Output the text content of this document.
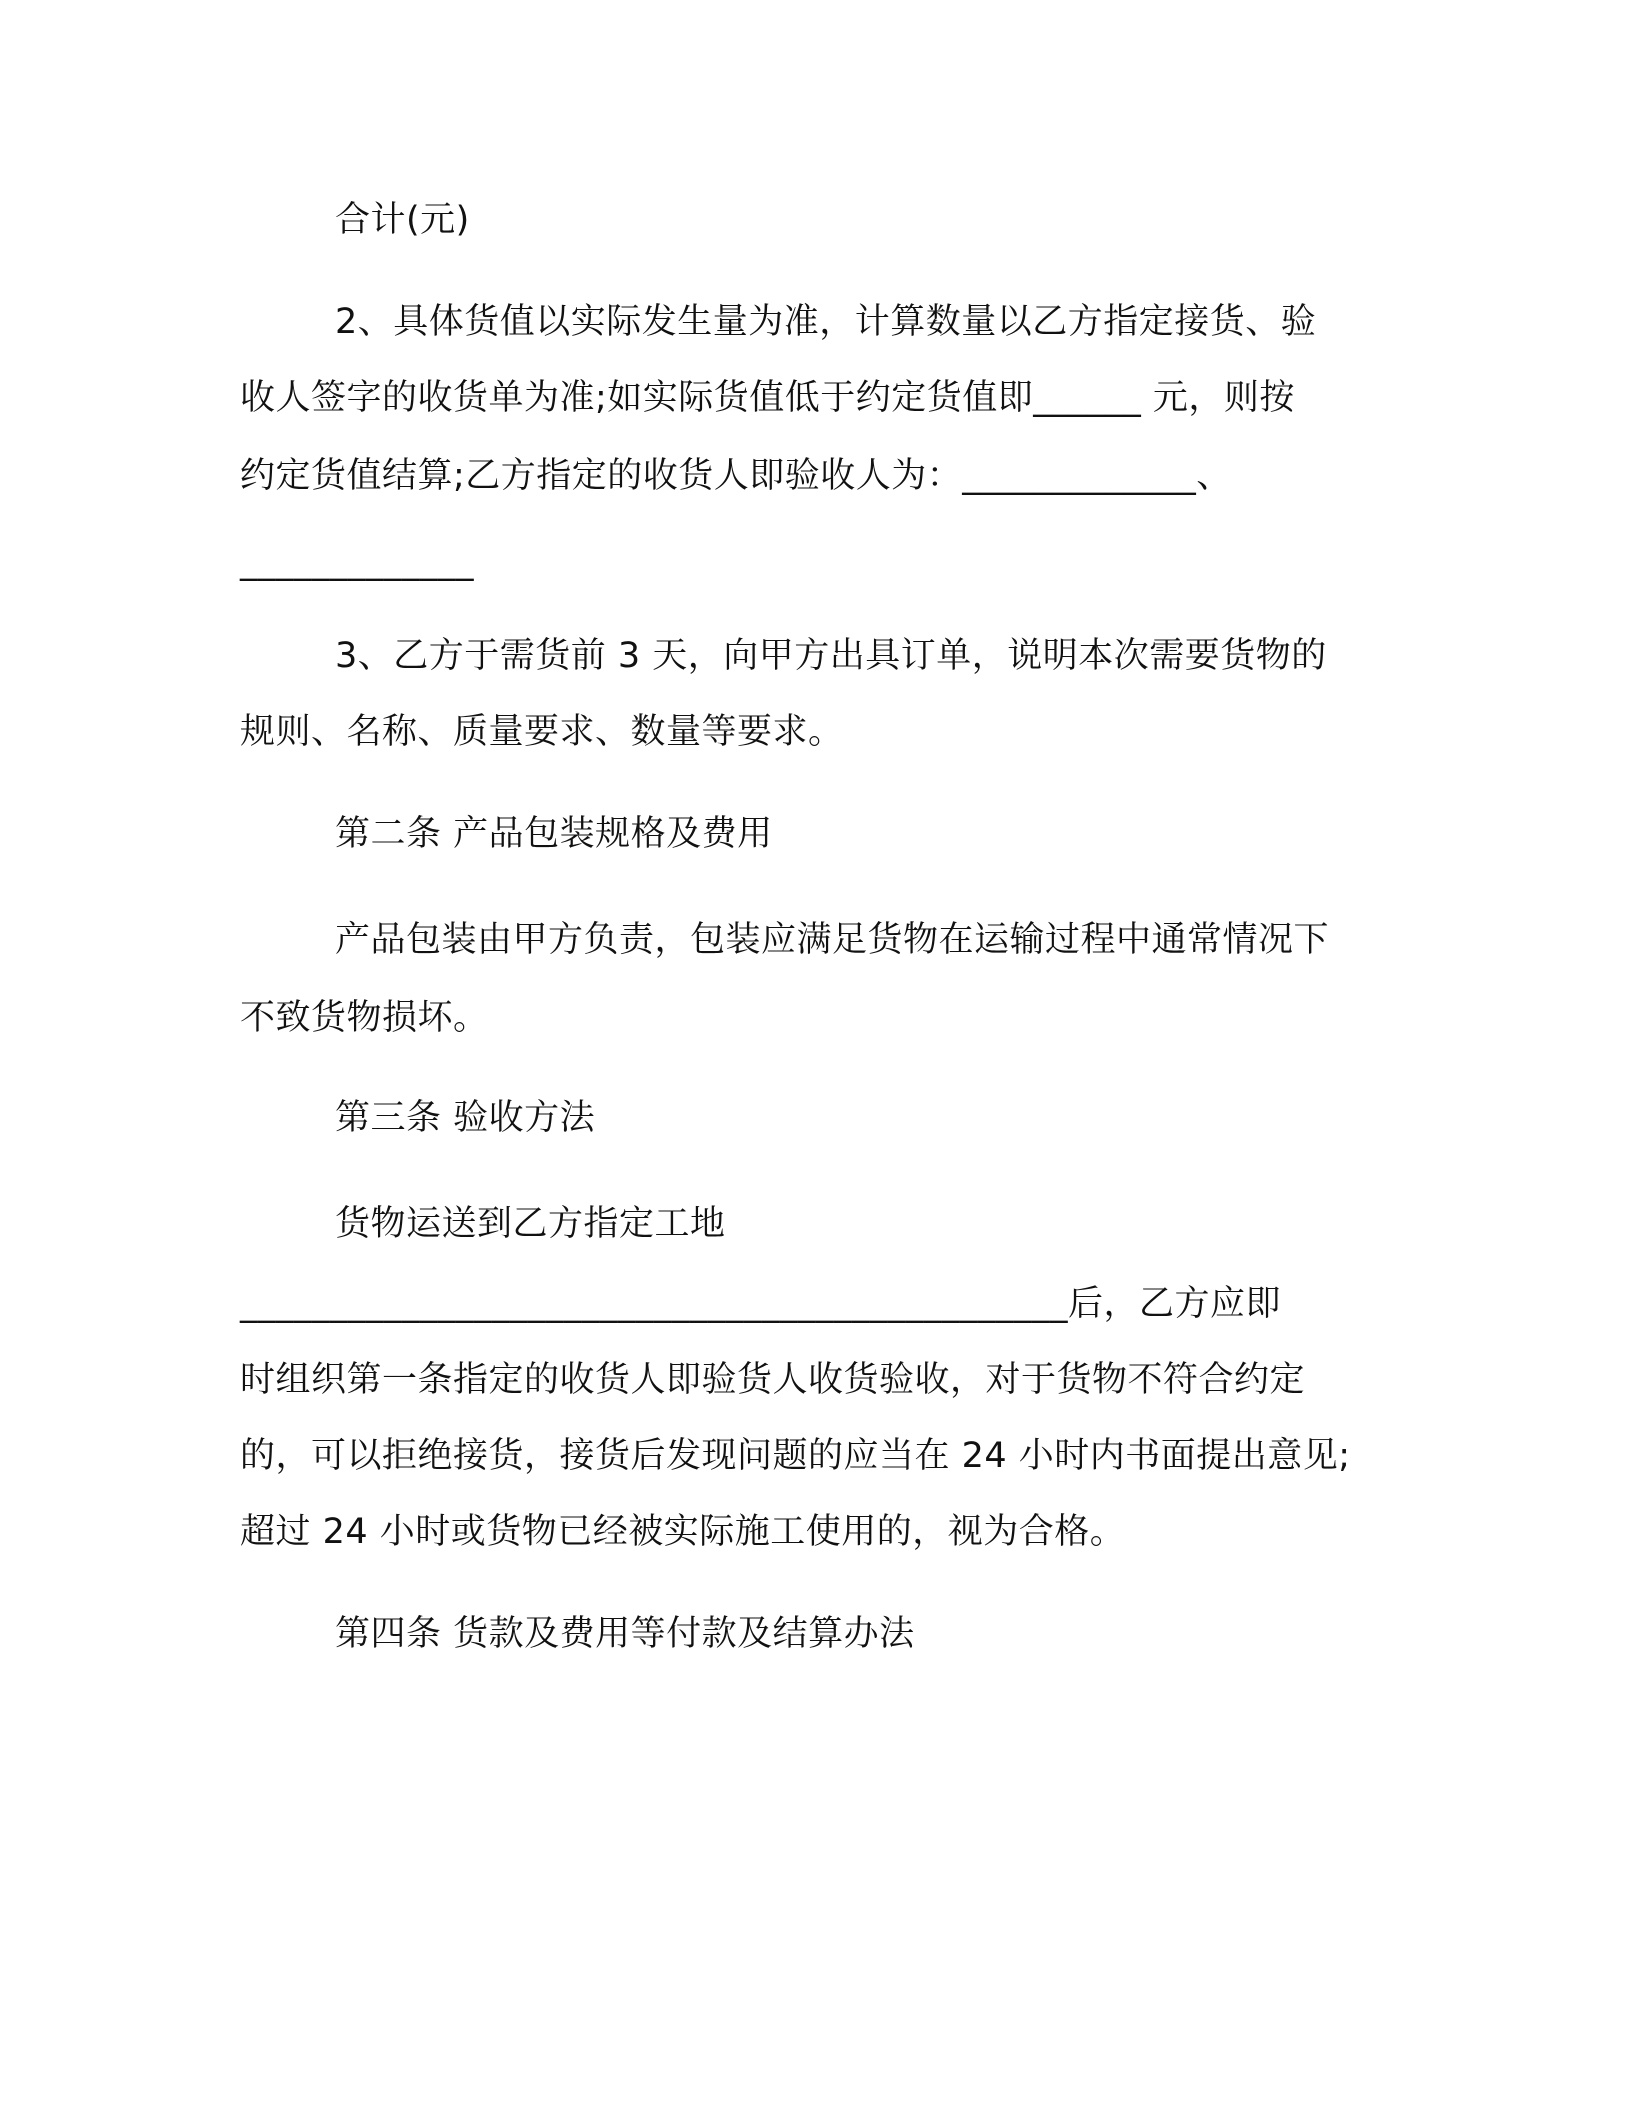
合计(元)
2、具体货值以实际发生量为准，计算数量以乙方指定接货、验
收人签字的收货单为准;如实际货值低于约定货值即______ 元，则按
约定货值结算;乙方指定的收货人即验收人为：_____________、
_____________
3、乙方于需货前 3 天，向甲方出具订单，说明本次需要货物的
规则、名称、质量要求、数量等要求。
第二条 产品包装规格及费用
产品包装由甲方负责，包装应满足货物在运输过程中通常情况下
不致货物损坏。
第三条 验收方法
货物运送到乙方指定工地
______________________________________________后，乙方应即
时组织第一条指定的收货人即验货人收货验收，对于货物不符合约定
的，可以拒绝接货，接货后发现问题的应当在 24 小时内书面提出意见;
超过 24 小时或货物已经被实际施工使用的，视为合格。
第四条 货款及费用等付款及结算办法
